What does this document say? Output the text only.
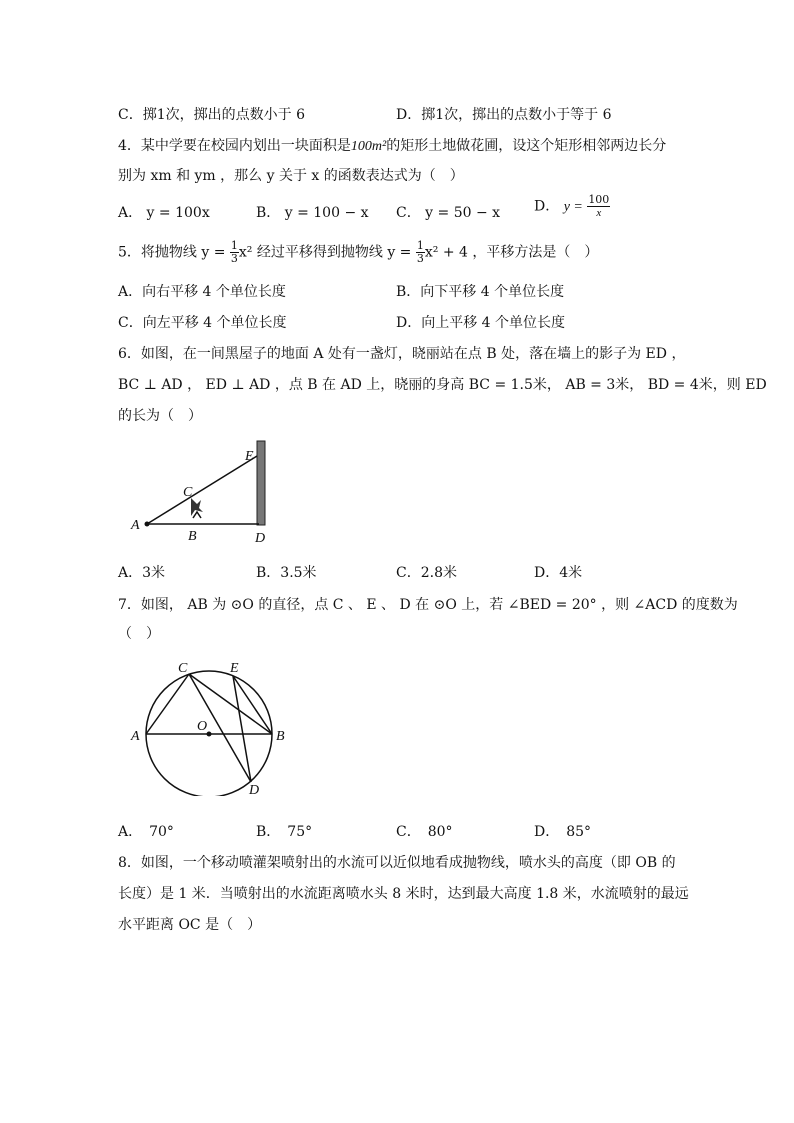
C．掷1次，掷出的点数小于 6	D．掷1次，掷出的点数小于等于 6
4．某中学要在校园内划出一块面积是100m²的矩形土地做花圃，设这个矩形相邻两边长分
别为 xm 和 ym ，那么 y 关于 x 的函数表达式为（　）
A． y = 100x	B． y = 100 − x C． y = 50 − x D． $y = \frac{100}{x}$
5．将抛物线 $y = \frac{1}{3} x^2$ 经过平移得到抛物线 $y = \frac{1}{3} x^2 + 4$ ，平移方法是（　）
A．向右平移 4 个单位长度	B．向下平移 4 个单位长度
C．向左平移 4 个单位长度	D．向上平移 4 个单位长度
6．如图，在一间黑屋子的地面 A 处有一盏灯，晓丽站在点 B 处，落在墙上的影子为 ED ，
BC ⊥ AD ， ED ⊥ AD ，点 B 在 AD 上，晓丽的身高 BC = 1.5米， AB = 3米， BD = 4米，则 ED
的长为（　）
A
B
C
D
E
A．3米	B．3.5米	C．2.8米	D．4米
7．如图， AB 为 ⊙O 的直径，点 C 、 E 、 D 在 ⊙O 上，若 ∠BED = 20° ，则 ∠ACD 的度数为
（　）
A	B
C	E
O
D
A．　70°	B．　75°	C．　80°	D．　85°
8．如图，一个移动喷灌架喷射出的水流可以近似地看成抛物线，喷水头的高度（即 OB 的
长度）是 1 米．当喷射出的水流距离喷水头 8 米时，达到最大高度 1.8 米，水流喷射的最远
水平距离 OC 是（　）
